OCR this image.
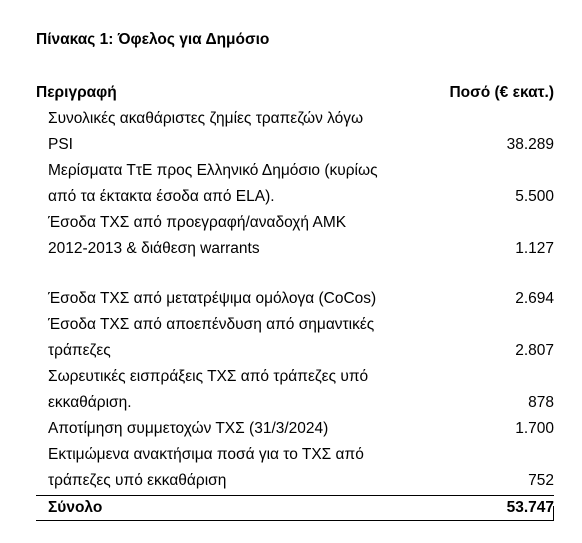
Πίνακας 1: Όφελος για Δημόσιο
Περιγραφή	Ποσό (€ εκατ.)
Συνολικές ακαθάριστες ζημίες τραπεζών λόγω
PSI	38.289
Μερίσματα ΤτΕ προς Ελληνικό Δημόσιο (κυρίως
από τα έκτακτα έσοδα από ELA).	5.500
Έσοδα ΤΧΣ από προεγραφή/αναδοχή ΑΜΚ
2012-2013 & διάθεση warrants	1.127
Έσοδα ΤΧΣ από μετατρέψιμα ομόλογα (CoCos)	2.694
Έσοδα ΤΧΣ από αποεπένδυση από σημαντικές
τράπεζες	2.807
Σωρευτικές εισπράξεις ΤΧΣ από τράπεζες υπό
εκκαθάριση.	878
Αποτίμηση συμμετοχών ΤΧΣ (31/3/2024)	1.700
Εκτιμώμενα ανακτήσιμα ποσά για το ΤΧΣ από
τράπεζες υπό εκκαθάριση	752
Σύνολο	53.747
